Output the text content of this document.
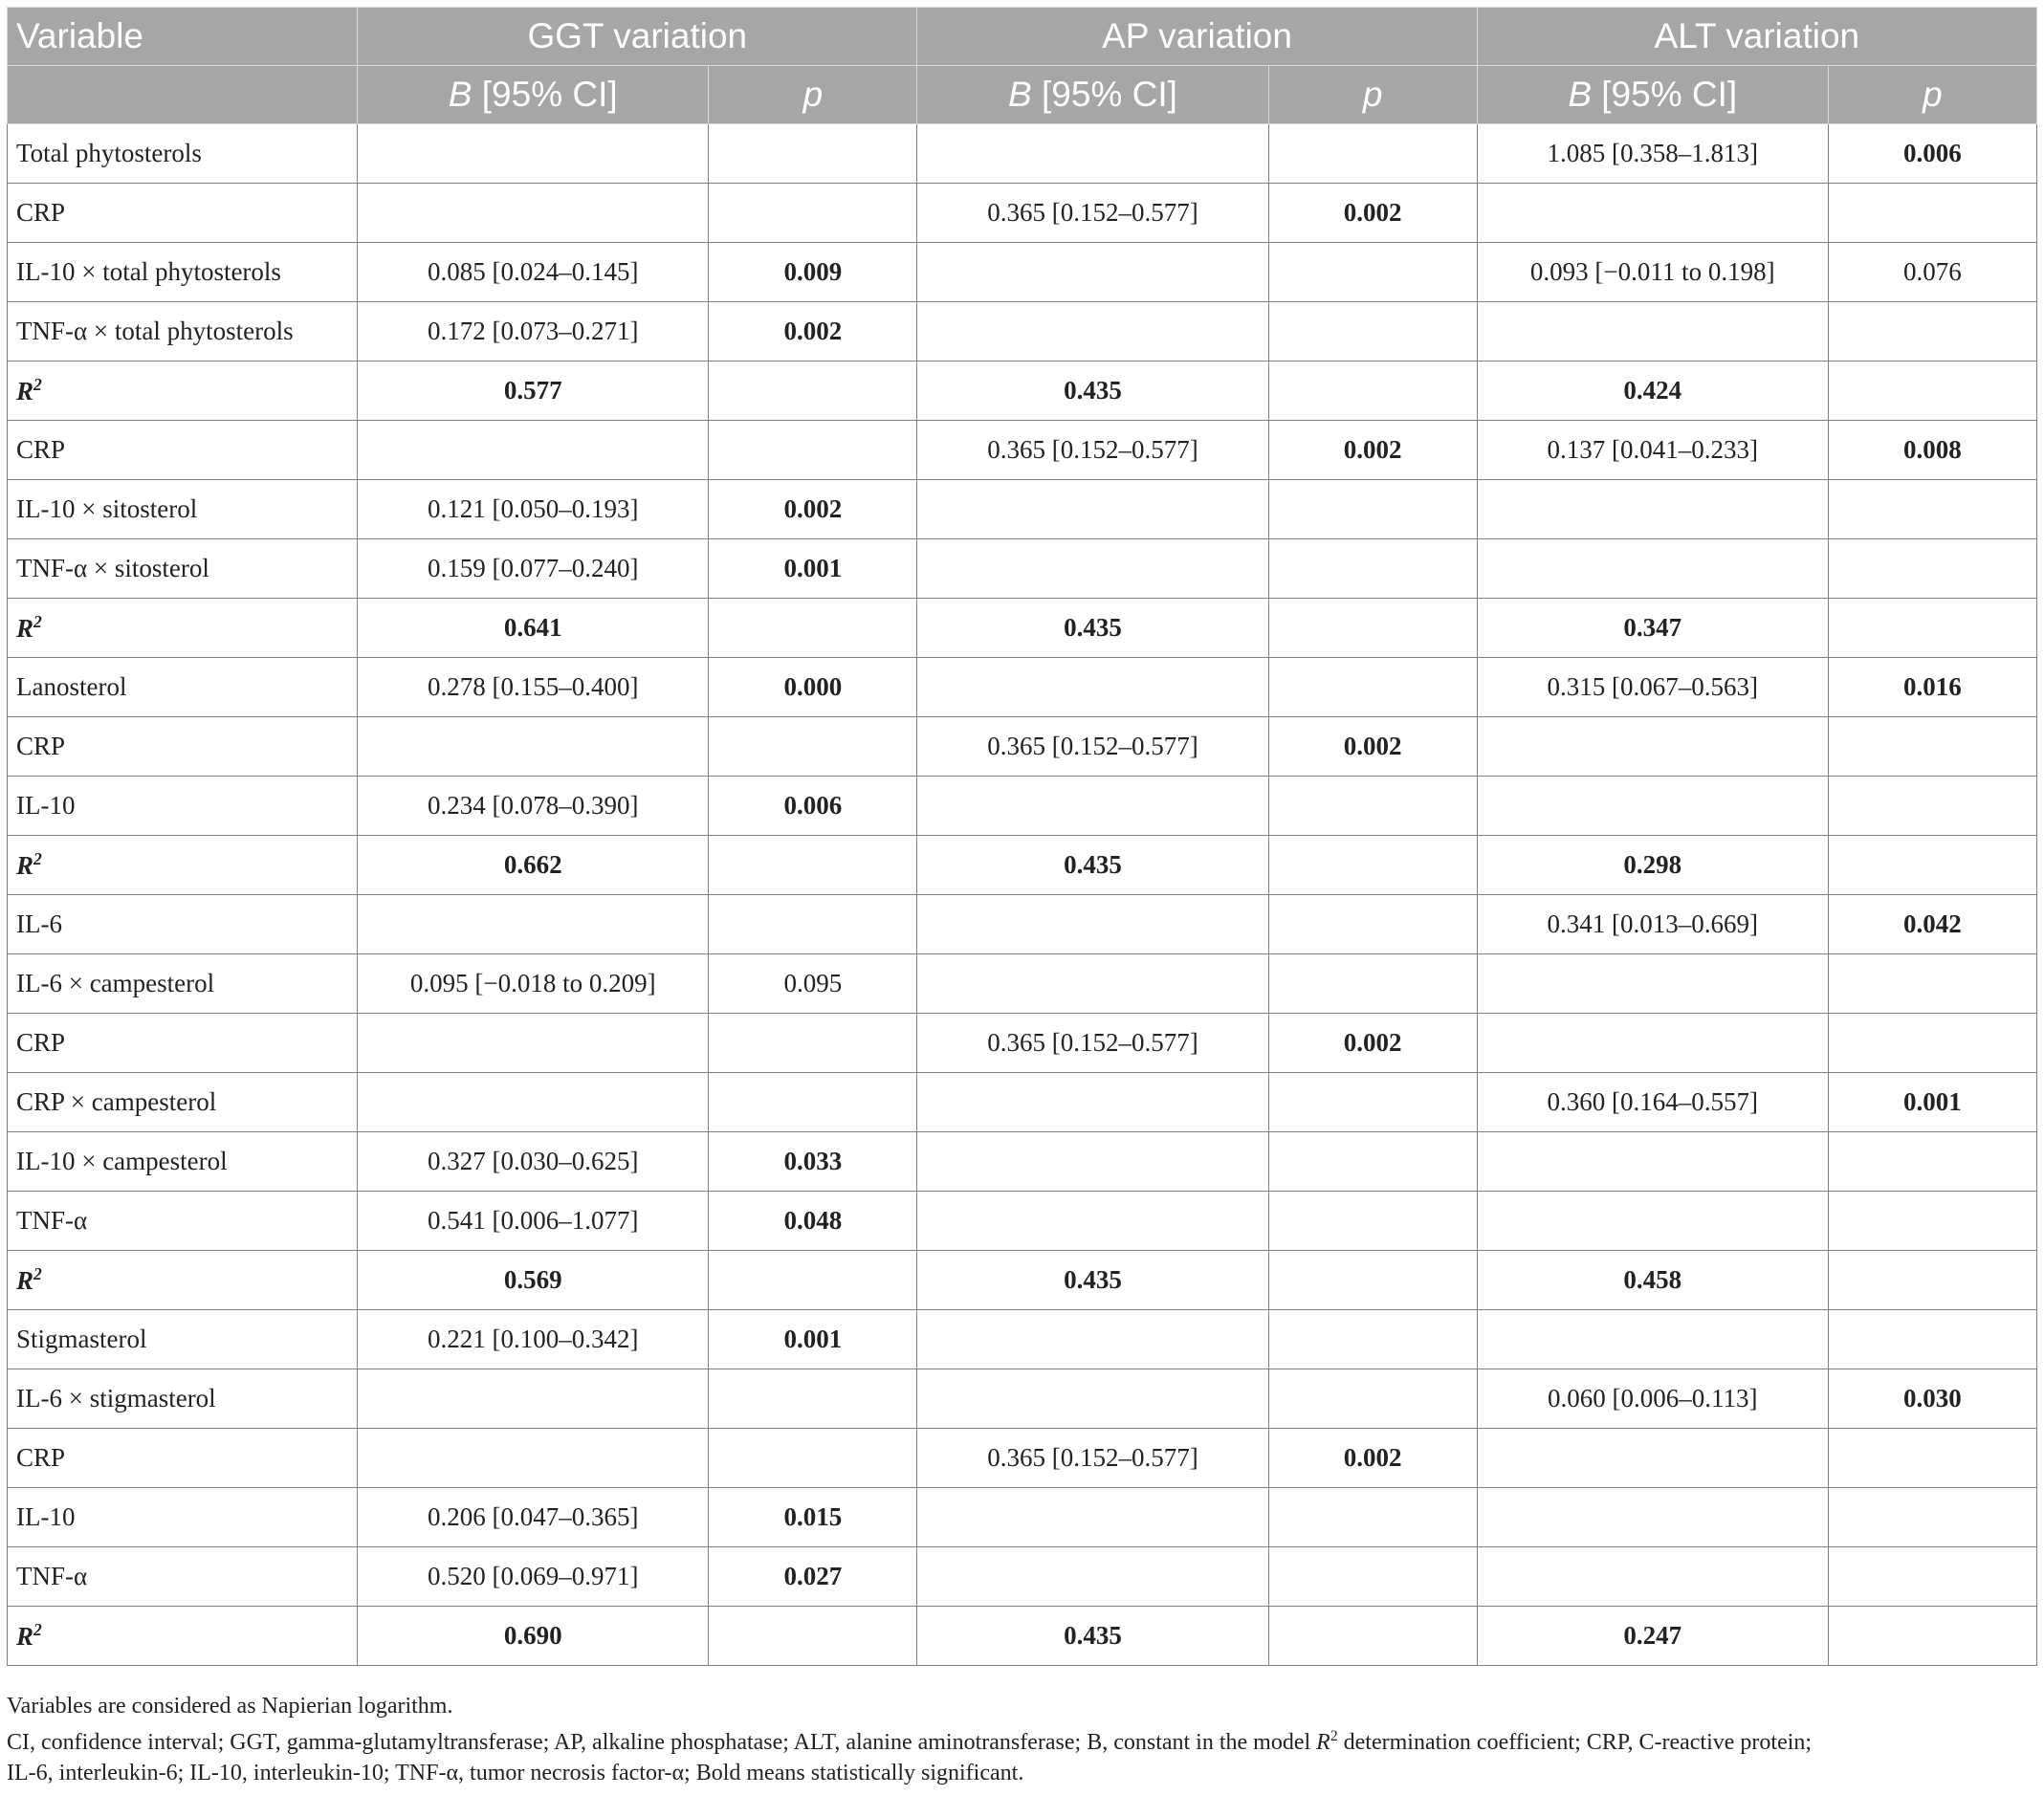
Variable	GGT variation		AP variation		ALT variation	
	B [95% CI]	p	B [95% CI]	p	B [95% CI]	p
Total phytosterols					1.085 [0.358–1.813]	0.006
CRP			0.365 [0.152–0.577]	0.002		
IL-10 × total phytosterols	0.085 [0.024–0.145]	0.009			0.093 [−0.011 to 0.198]	0.076
TNF-α × total phytosterols	0.172 [0.073–0.271]	0.002				
$R^2$	0.577		0.435		0.424	
CRP			0.365 [0.152–0.577]	0.002	0.137 [0.041–0.233]	0.008
IL-10 × sitosterol	0.121 [0.050–0.193]	0.002				
TNF-α × sitosterol	0.159 [0.077–0.240]	0.001				
$R^2$	0.641		0.435		0.347	
Lanosterol	0.278 [0.155–0.400]	0.000			0.315 [0.067–0.563]	0.016
CRP			0.365 [0.152–0.577]	0.002		
IL-10	0.234 [0.078–0.390]	0.006				
$R^2$	0.662		0.435		0.298	
IL-6					0.341 [0.013–0.669]	0.042
IL-6 × campesterol	0.095 [−0.018 to 0.209]	0.095				
CRP			0.365 [0.152–0.577]	0.002		
CRP × campesterol					0.360 [0.164–0.557]	0.001
IL-10 × campesterol	0.327 [0.030–0.625]	0.033				
TNF-α	0.541 [0.006–1.077]	0.048				
$R^2$	0.569		0.435		0.458	
Stigmasterol	0.221 [0.100–0.342]	0.001				
IL-6 × stigmasterol					0.060 [0.006–0.113]	0.030
CRP			0.365 [0.152–0.577]	0.002		
IL-10	0.206 [0.047–0.365]	0.015				
TNF-α	0.520 [0.069–0.971]	0.027				
$R^2$	0.690		0.435		0.247	

Variables are considered as Napierian logarithm.

CI, confidence interval; GGT, gamma-glutamyltransferase; AP, alkaline phosphatase; ALT, alanine aminotransferase; B, constant in the model $R^2$ determination coefficient; CRP, C-reactive protein;

IL-6, interleukin-6; IL-10, interleukin-10; TNF-α, tumor necrosis factor-α; Bold means statistically significant.
